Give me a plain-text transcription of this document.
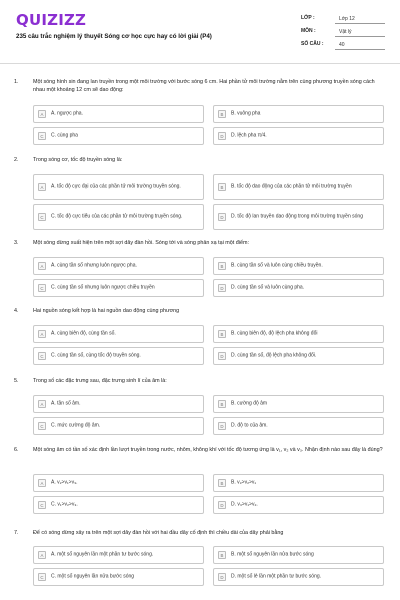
QUIZIZZ
235 câu trắc nghiệm lý thuyết Sóng cơ học cực hay có lời giải (P4)
LỚP :	Lớp 12
MÔN :	Vật lý
SỐ CÂU :	40
1.	Một sóng hình sin đang lan truyền trong một môi trường với bước sóng 6 cm. Hai phần tử môi trường nằm trên cùng phương truyền sóng cách nhau một khoảng 12 cm sẽ dao động:
A	A. ngược pha.	B	B. vuông pha
C	C. cùng pha	D	D. lệch pha π/4.
2.	Trong sóng cơ, tốc độ truyền sóng là:
A	A. tốc độ cực đại của các phần tử môi trường truyền sóng.	B	B. tốc độ dao động của các phần tử môi trường truyền
C	C. tốc độ cực tiểu của các phần tử môi trường truyền sóng.	D	D. tốc độ lan truyền dao động trong môi trường truyền sóng
3.	Một sóng dừng xuất hiện trên một sợi dây đàn hồi. Sóng tới và sóng phản xạ tại một điểm:
A	A. cùng tần số nhưng luôn ngược pha.	B	B. cùng tần số và luôn cùng chiều truyền.
C	C. cùng tần số nhưng luôn ngược chiều truyền	D	D. cùng tần số và luôn cùng pha.
4.	Hai nguồn sóng kết hợp là hai nguồn dao động cùng phương
A	A. cùng biên độ, cùng tần số.	B	B. cùng biên độ, độ lệch pha không đổi
C	C. cùng tần số, cùng tốc độ truyền sóng.	D	D. cùng tần số, độ lệch pha không đổi.
5.	Trong số các đặc trưng sau, đặc trưng sinh lí của âm là:
A	A. tần số âm.	B	B. cường độ âm
C	C. mức cường độ âm.	D	D. độ to của âm.
6.	Một sóng âm có tần số xác định lần lượt truyền trong nước, nhôm, không khí với tốc độ tương ứng là v₁, v₂ và v₃. Nhận định nào sau đây là đúng?
A	A. v₂>v₁>v₃.	B	B. v₃>v₂>v₁
C	C. v₁>v₂>v₃.	D	D. v₃>v₁>v₂.
7.	Để có sóng dừng xảy ra trên một sợi dây đàn hồi với hai đầu dây cố định thì chiều dài của dây phải bằng
A	A. một số nguyên lần một phần tư bước sóng.	B	B. một số nguyên lần nửa bước sóng
C	C. một số nguyên lần nửa bước sóng	D	D. một số lẻ lần một phần tư bước sóng.
